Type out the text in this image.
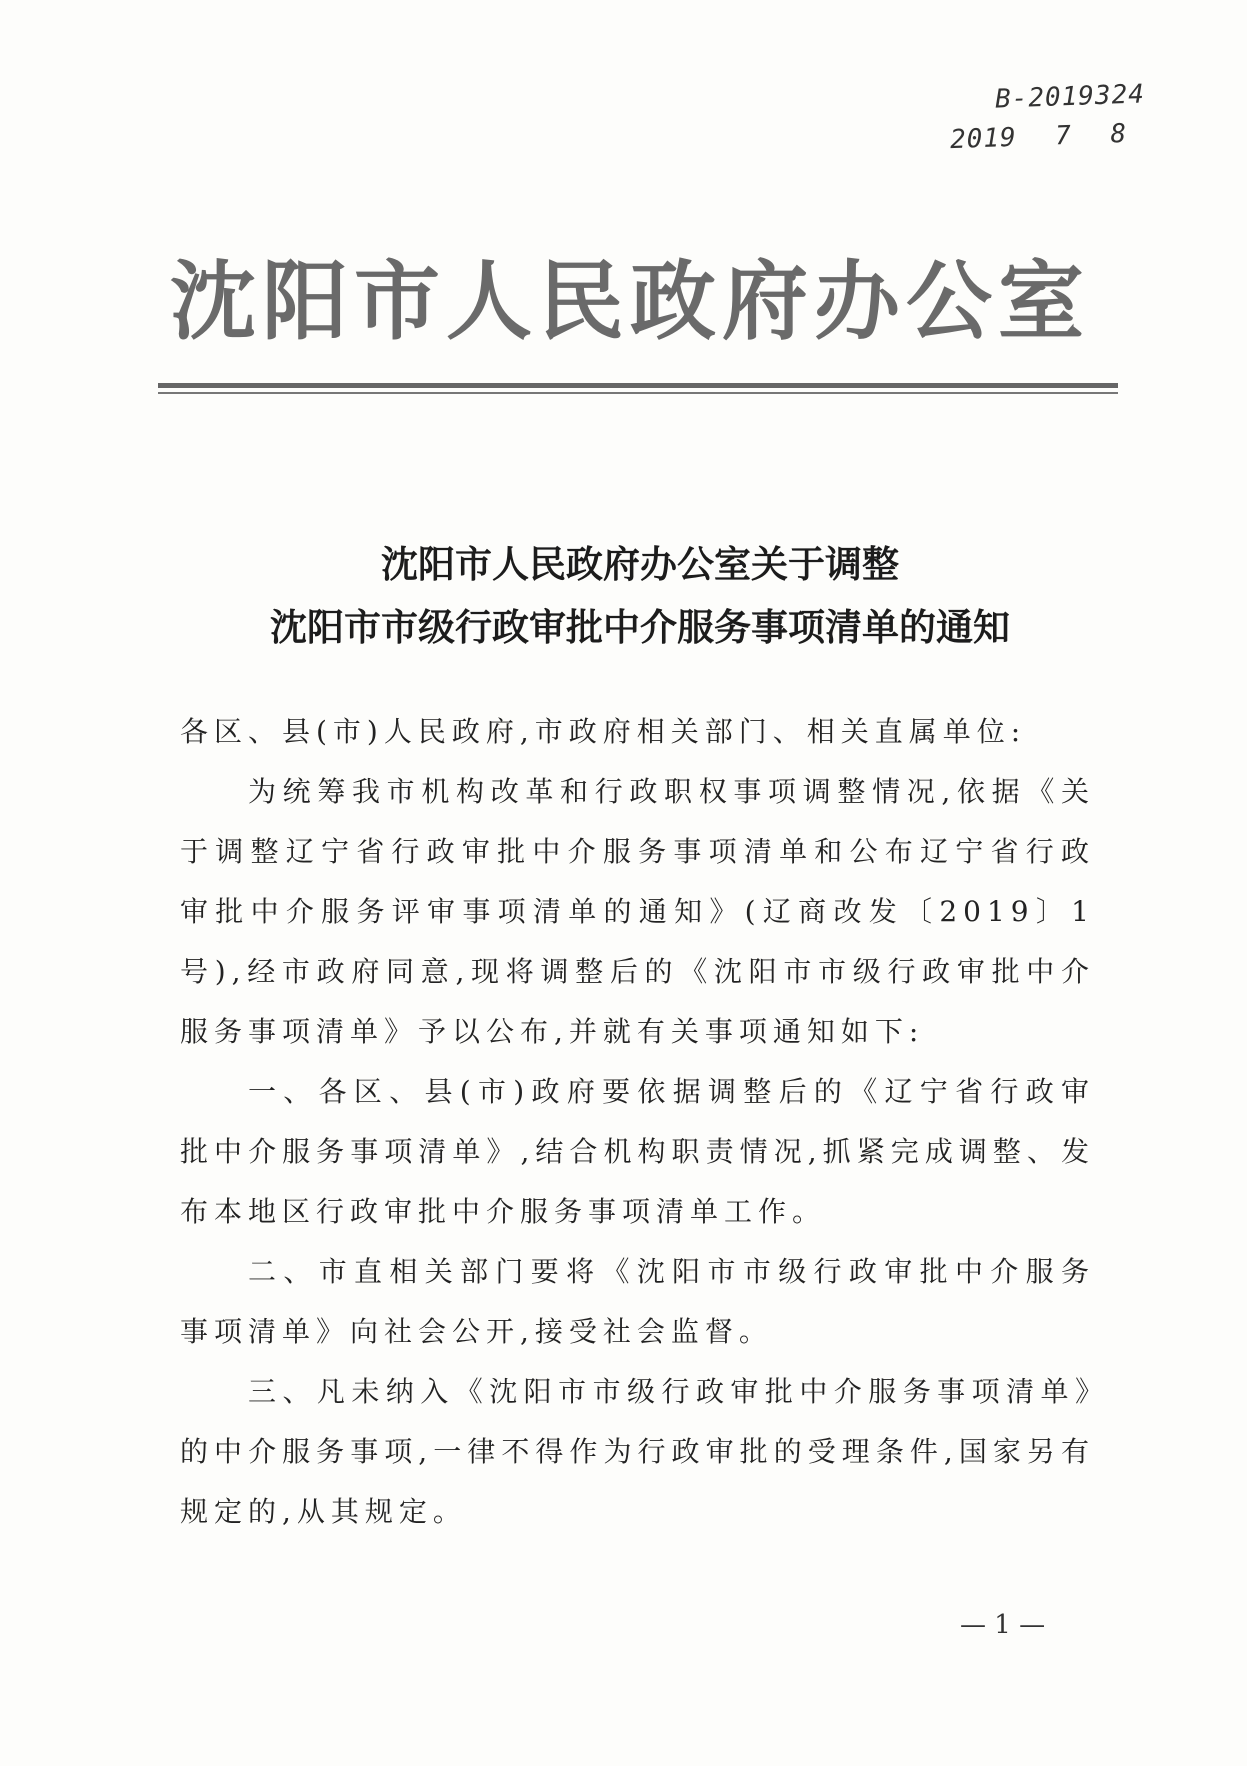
B-2019324
2019 7 8
沈阳市人民政府办公室
沈阳市人民政府办公室关于调整
沈阳市市级行政审批中介服务事项清单的通知

各区、县(市)人民政府,市政府相关部门、相关直属单位:

为统筹我市机构改革和行政职权事项调整情况,依据《关于调整辽宁省行政审批中介服务事项清单和公布辽宁省行政审批中介服务评审事项清单的通知》(辽商改发〔2019〕1号),经市政府同意,现将调整后的《沈阳市市级行政审批中介服务事项清单》予以公布,并就有关事项通知如下:

一、各区、县(市)政府要依据调整后的《辽宁省行政审批中介服务事项清单》,结合机构职责情况,抓紧完成调整、发布本地区行政审批中介服务事项清单工作。

二、市直相关部门要将《沈阳市市级行政审批中介服务事项清单》向社会公开,接受社会监督。

三、凡未纳入《沈阳市市级行政审批中介服务事项清单》的中介服务事项,一律不得作为行政审批的受理条件,国家另有规定的,从其规定。

— 1 —
